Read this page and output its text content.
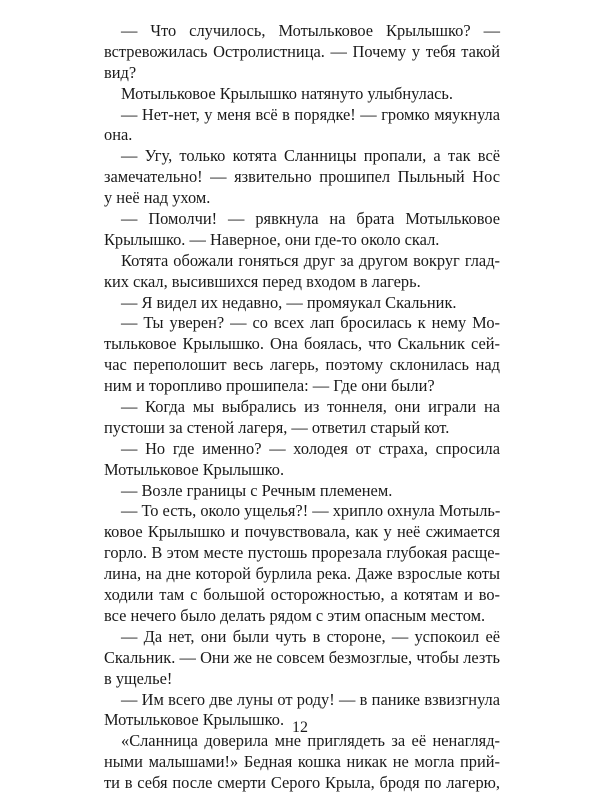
— Что случилось, Мотыльковое Крылышко? —
встревожилась Остролистница. — Почему у тебя такой
вид?
Мотыльковое Крылышко натянуто улыбнулась.
— Нет-нет, у меня всё в порядке! — громко мяукнула
она.
— Угу, только котята Сланницы пропали, а так всё
замечательно! — язвительно прошипел Пыльный Нос
у неё над ухом.
— Помолчи! — рявкнула на брата Мотыльковое
Крылышко. — Наверное, они где-то около скал.
Котята обожали гоняться друг за другом вокруг глад-
ких скал, высившихся перед входом в лагерь.
— Я видел их недавно, — промяукал Скальник.
— Ты уверен? — со всех лап бросилась к нему Мо-
тыльковое Крылышко. Она боялась, что Скальник сей-
час переполошит весь лагерь, поэтому склонилась над
ним и торопливо прошипела: — Где они были?
— Когда мы выбрались из тоннеля, они играли на
пустоши за стеной лагеря, — ответил старый кот.
— Но где именно? — холодея от страха, спросила
Мотыльковое Крылышко.
— Возле границы с Речным племенем.
— То есть, около ущелья?! — хрипло охнула Мотыль-
ковое Крылышко и почувствовала, как у неё сжимается
горло. В этом месте пустошь прорезала глубокая расще-
лина, на дне которой бурлила река. Даже взрослые коты
ходили там с большой осторожностью, а котятам и во-
все нечего было делать рядом с этим опасным местом.
— Да нет, они были чуть в стороне, — успокоил её
Скальник. — Они же не совсем безмозглые, чтобы лезть
в ущелье!
— Им всего две луны от роду! — в панике взвизгнула
Мотыльковое Крылышко.
«Сланница доверила мне приглядеть за её ненагляд-
ными малышами!» Бедная кошка никак не могла прий-
ти в себя после смерти Серого Крыла, бродя по лагерю,
12
